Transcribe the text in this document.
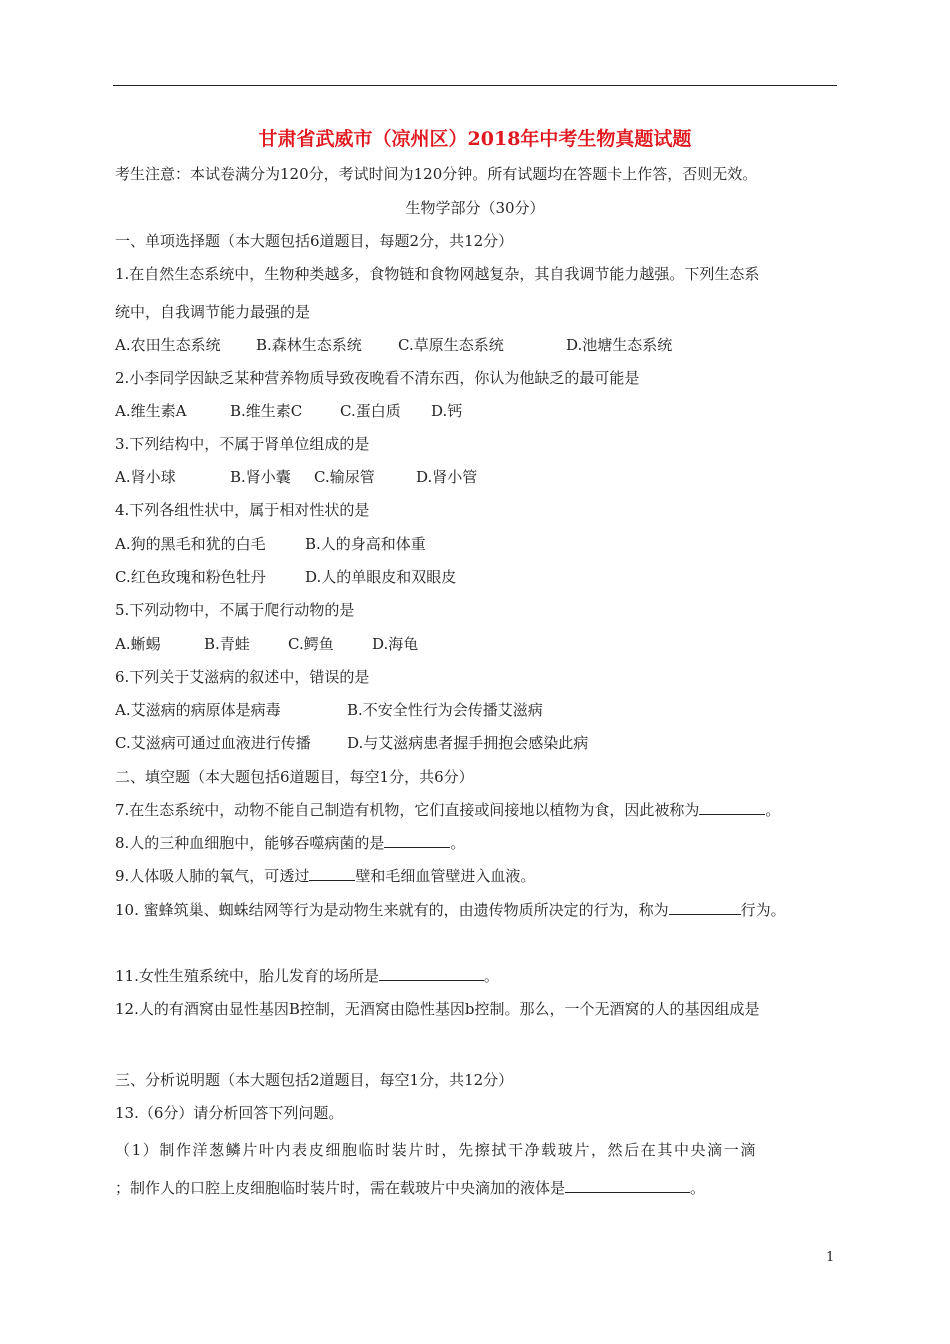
甘肃省武威市（凉州区）2018年中考生物真题试题
考生注意：本试卷满分为120分，考试时间为120分钟。所有试题均在答题卡上作答，否则无效。
生物学部分（30分）
一、单项选择题（本大题包括6道题目，每题2分，共12分）
1.在自然生态系统中，生物种类越多，食物链和食物网越复杂，其自我调节能力越强。下列生态系
统中，自我调节能力最强的是
A.农田生态系统 B.森林生态系统 C.草原生态系统	D.池塘生态系统
2.小李同学因缺乏某种营养物质导致夜晚看不清东西，你认为他缺乏的最可能是
A.维生素A	B.维生素C	C.蛋白质 D.钙
3.下列结构中，不属于肾单位组成的是
A.肾小球	B.肾小囊 C.输尿管	D.肾小管
4.下列各组性状中，属于相对性状的是
A.狗的黑毛和犹的白毛	B.人的身高和体重
C.红色玫瑰和粉色牡丹	D.人的单眼皮和双眼皮
5.下列动物中，不属于爬行动物的是
A.蜥蜴	B.青蛙	C.鳄鱼	D.海龟
6.下列关于艾滋病的叙述中，错误的是
A.艾滋病的病原体是病毒	B.不安全性行为会传播艾滋病
C.艾滋病可通过血液进行传播 D.与艾滋病患者握手拥抱会感染此病
二、填空题（本大题包括6道题目，每空1分，共6分）
7.在生态系统中，动物不能自己制造有机物，它们直接或间接地以植物为食，因此被称为	。
8.人的三种血细胞中，能够吞噬病菌的是	。
9.人体吸人肺的氧气，可透过	壁和毛细血管壁进入血液。
10. 蜜蜂筑巢、蜘蛛结网等行为是动物生来就有的，由遗传物质所决定的行为，称为	行为。
11.女性生殖系统中，胎儿发育的场所是	。
12.人的有酒窝由显性基因B控制，无酒窝由隐性基因b控制。那么，一个无酒窝的人的基因组成是
三、分析说明题（本大题包括2道题目，每空1分，共12分）
13.（6分）请分析回答下列问题。
（1）制作洋葱鳞片叶内表皮细胞临时装片时，先擦拭干净载玻片，然后在其中央滴一滴
；制作人的口腔上皮细胞临时装片时，需在载玻片中央滴加的液体是	。
1
